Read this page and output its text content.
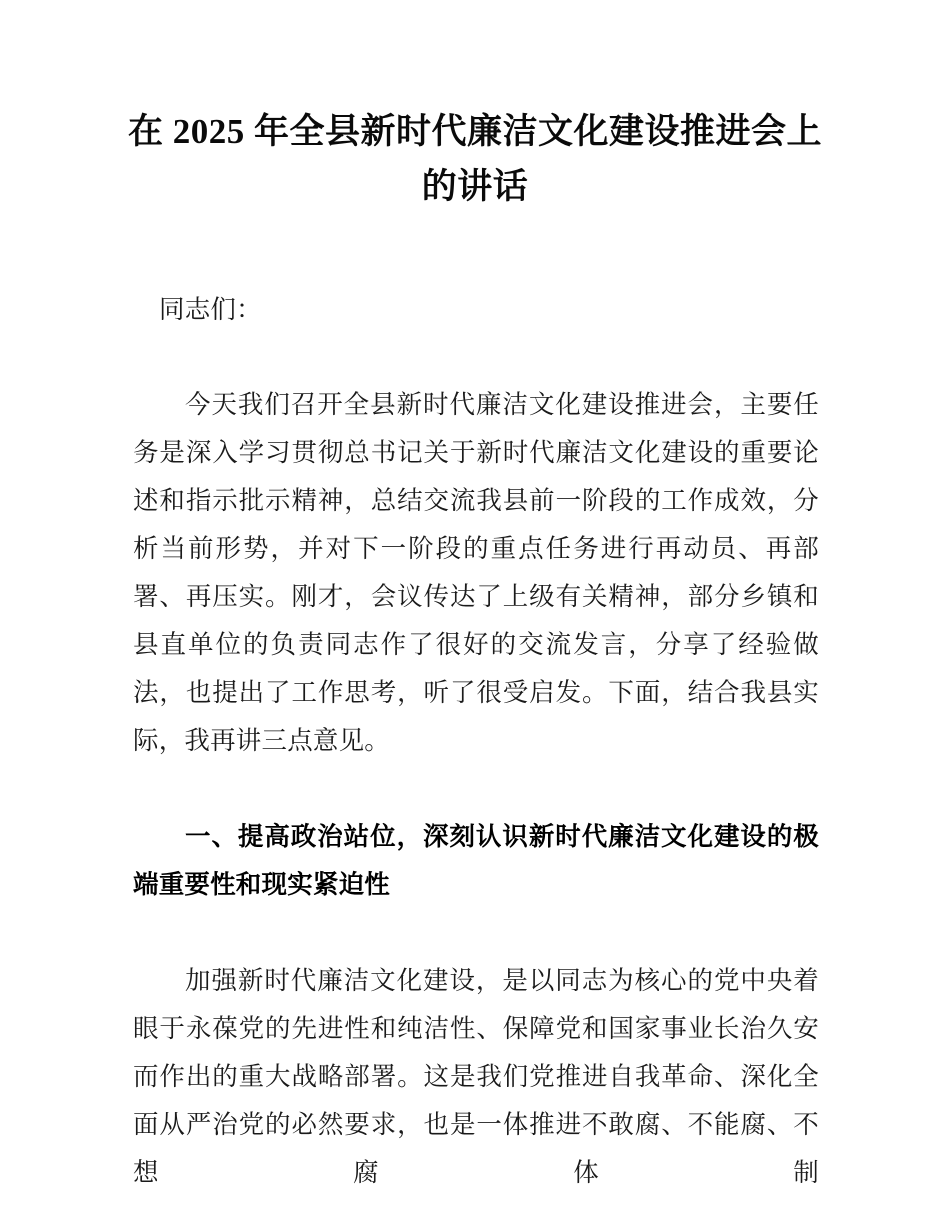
在 2025 年全县新时代廉洁文化建设推进会上
的讲话

同志们：

今天我们召开全县新时代廉洁文化建设推进会，主要任务是深入学习贯彻总书记关于新时代廉洁文化建设的重要论述和指示批示精神，总结交流我县前一阶段的工作成效，分析当前形势，并对下一阶段的重点任务进行再动员、再部署、再压实。刚才，会议传达了上级有关精神，部分乡镇和县直单位的负责同志作了很好的交流发言，分享了经验做法，也提出了工作思考，听了很受启发。下面，结合我县实际，我再讲三点意见。

一、提高政治站位，深刻认识新时代廉洁文化建设的极端重要性和现实紧迫性

加强新时代廉洁文化建设，是以同志为核心的党中央着眼于永葆党的先进性和纯洁性、保障党和国家事业长治久安而作出的重大战略部署。这是我们党推进自我革命、深化全面从严治党的必然要求，也是一体推进不敢腐、不能腐、不想腐体制
